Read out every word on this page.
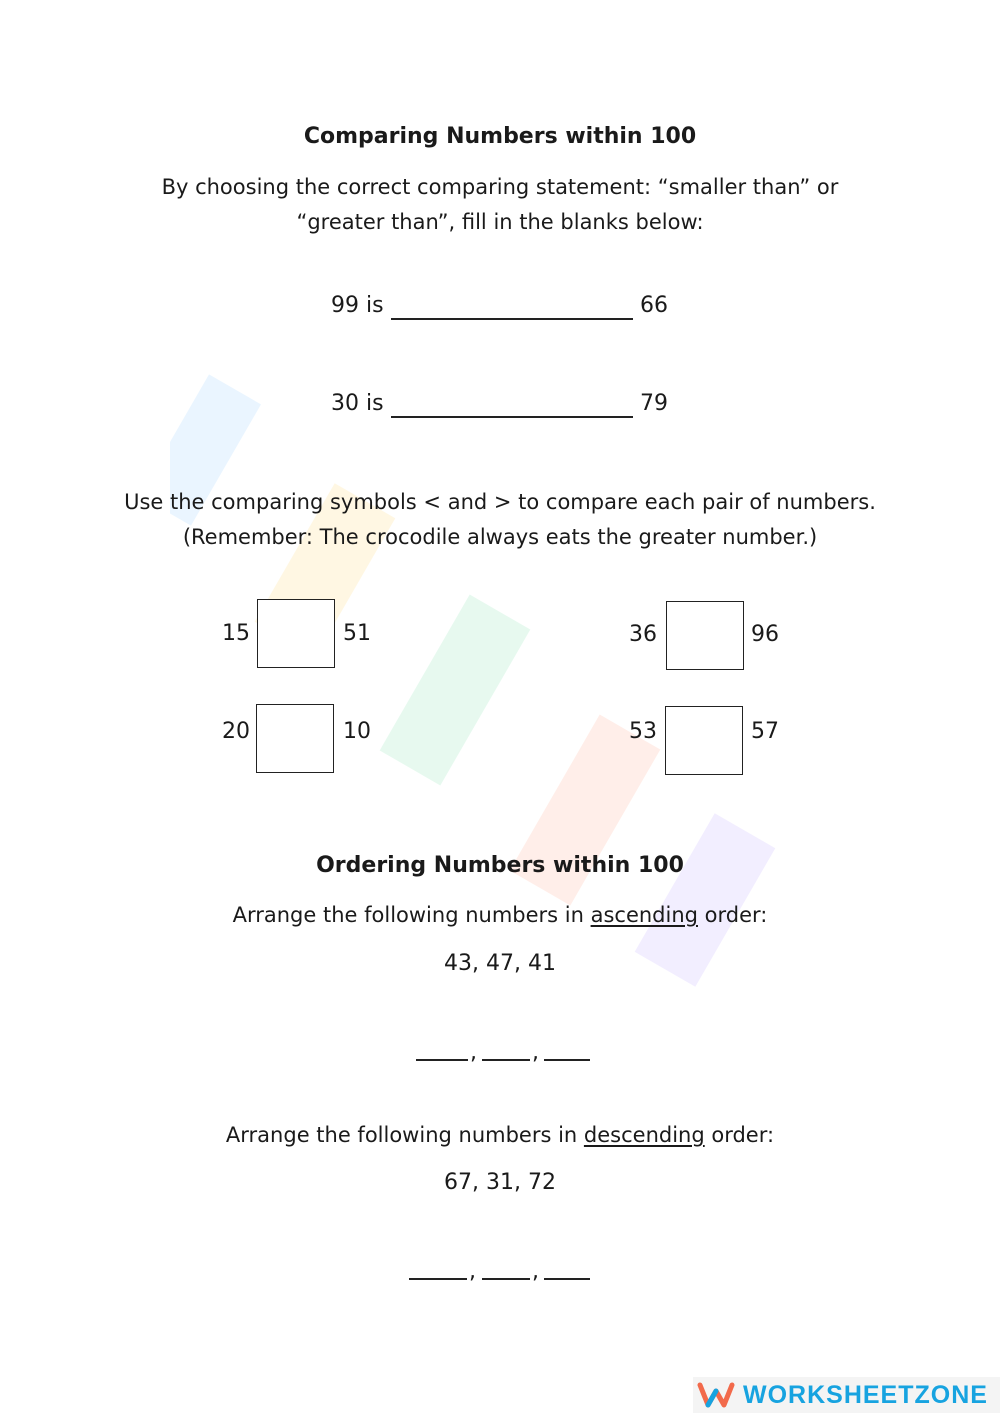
Comparing Numbers within 100
By choosing the correct comparing statement: “smaller than” or
“greater than”, fill in the blanks below:
99 is	66
30 is	79
Use the comparing symbols < and > to compare each pair of numbers.
(Remember: The crocodile always eats the greater number.)
15	51	36	96
20	10	53	57
Ordering Numbers within 100
Arrange the following numbers in ascending order:
43, 47, 41
,	,
Arrange the following numbers in descending order:
67, 31, 72
,	,
WORKSHEETZONE
